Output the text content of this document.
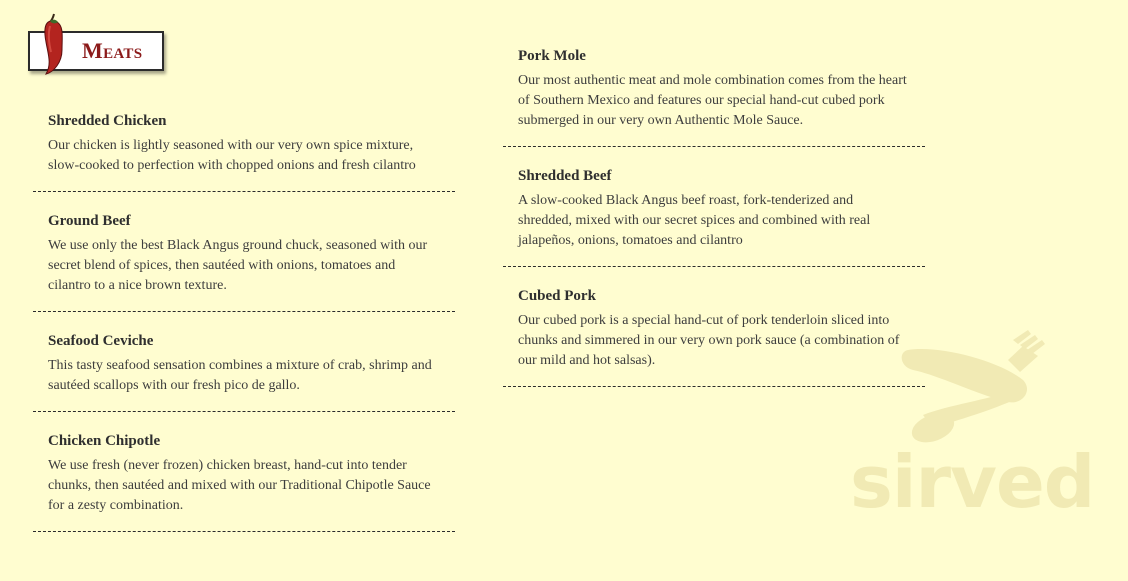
Meats

Shredded Chicken

Our chicken is lightly seasoned with our very own spice mixture, slow-cooked to perfection with chopped onions and fresh cilantro

Ground Beef

We use only the best Black Angus ground chuck, seasoned with our secret blend of spices, then sautéed with onions, tomatoes and cilantro to a nice brown texture.

Seafood Ceviche

This tasty seafood sensation combines a mixture of crab, shrimp and sautéed scallops with our fresh pico de gallo.

Chicken Chipotle

We use fresh (never frozen) chicken breast, hand-cut into tender chunks, then sautéed and mixed with our Traditional Chipotle Sauce for a zesty combination.

Pork Mole

Our most authentic meat and mole combination comes from the heart of Southern Mexico and features our special hand-cut cubed pork submerged in our very own Authentic Mole Sauce.

Shredded Beef

A slow-cooked Black Angus beef roast, fork-tenderized and shredded, mixed with our secret spices and combined with real jalapeños, onions, tomatoes and cilantro

Cubed Pork

Our cubed pork is a special hand-cut of pork tenderloin sliced into chunks and simmered in our very own pork sauce (a combination of our mild and hot salsas).

sirved
